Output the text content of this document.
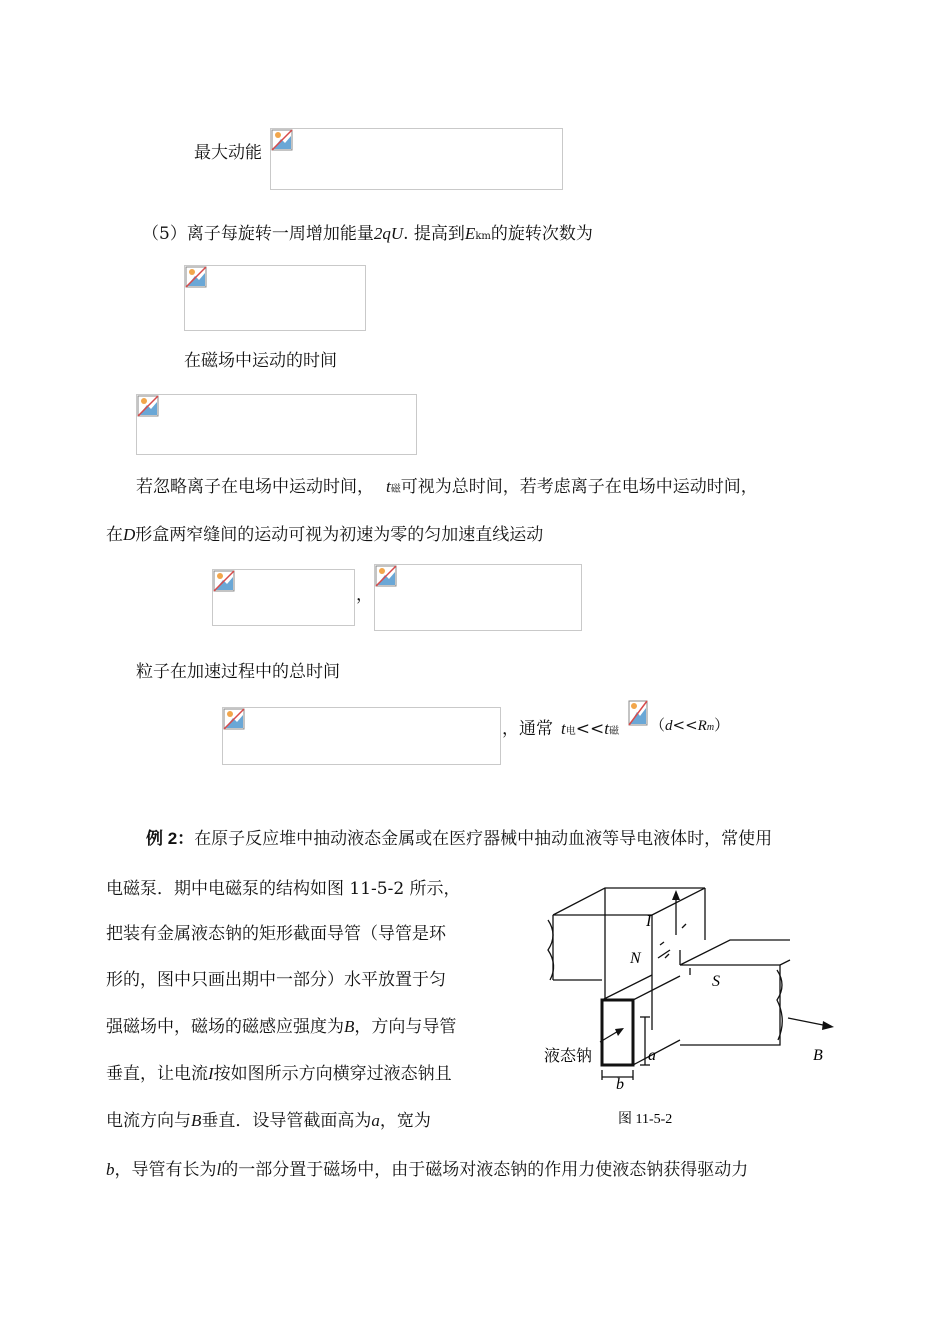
最大动能
（5）离子每旋转一周增加能量2qU. 提高到Ekm的旋转次数为
在磁场中运动的时间
若忽略离子在电场中运动时间， t磁可视为总时间，若考虑离子在电场中运动时间，
在D形盒两窄缝间的运动可视为初速为零的匀加速直线运动
，
粒子在加速过程中的总时间
，通常 t电<<t磁 （d<<Rm）
例 2：在原子反应堆中抽动液态金属或在医疗器械中抽动血液等导电液体时，常使用
电磁泵．期中电磁泵的结构如图 11-5-2 所示，
把装有金属液态钠的矩形截面导管（导管是环
形的，图中只画出期中一部分）水平放置于匀
强磁场中，磁场的磁感应强度为B，方向与导管
垂直，让电流I按如图所示方向横穿过液态钠且
电流方向与B垂直．设导管截面高为a，宽为
b，导管有长为l的一部分置于磁场中，由于磁场对液态钠的作用力使液态钠获得驱动力
I
N
S
B
a
b
液态钠
图 11-5-2
